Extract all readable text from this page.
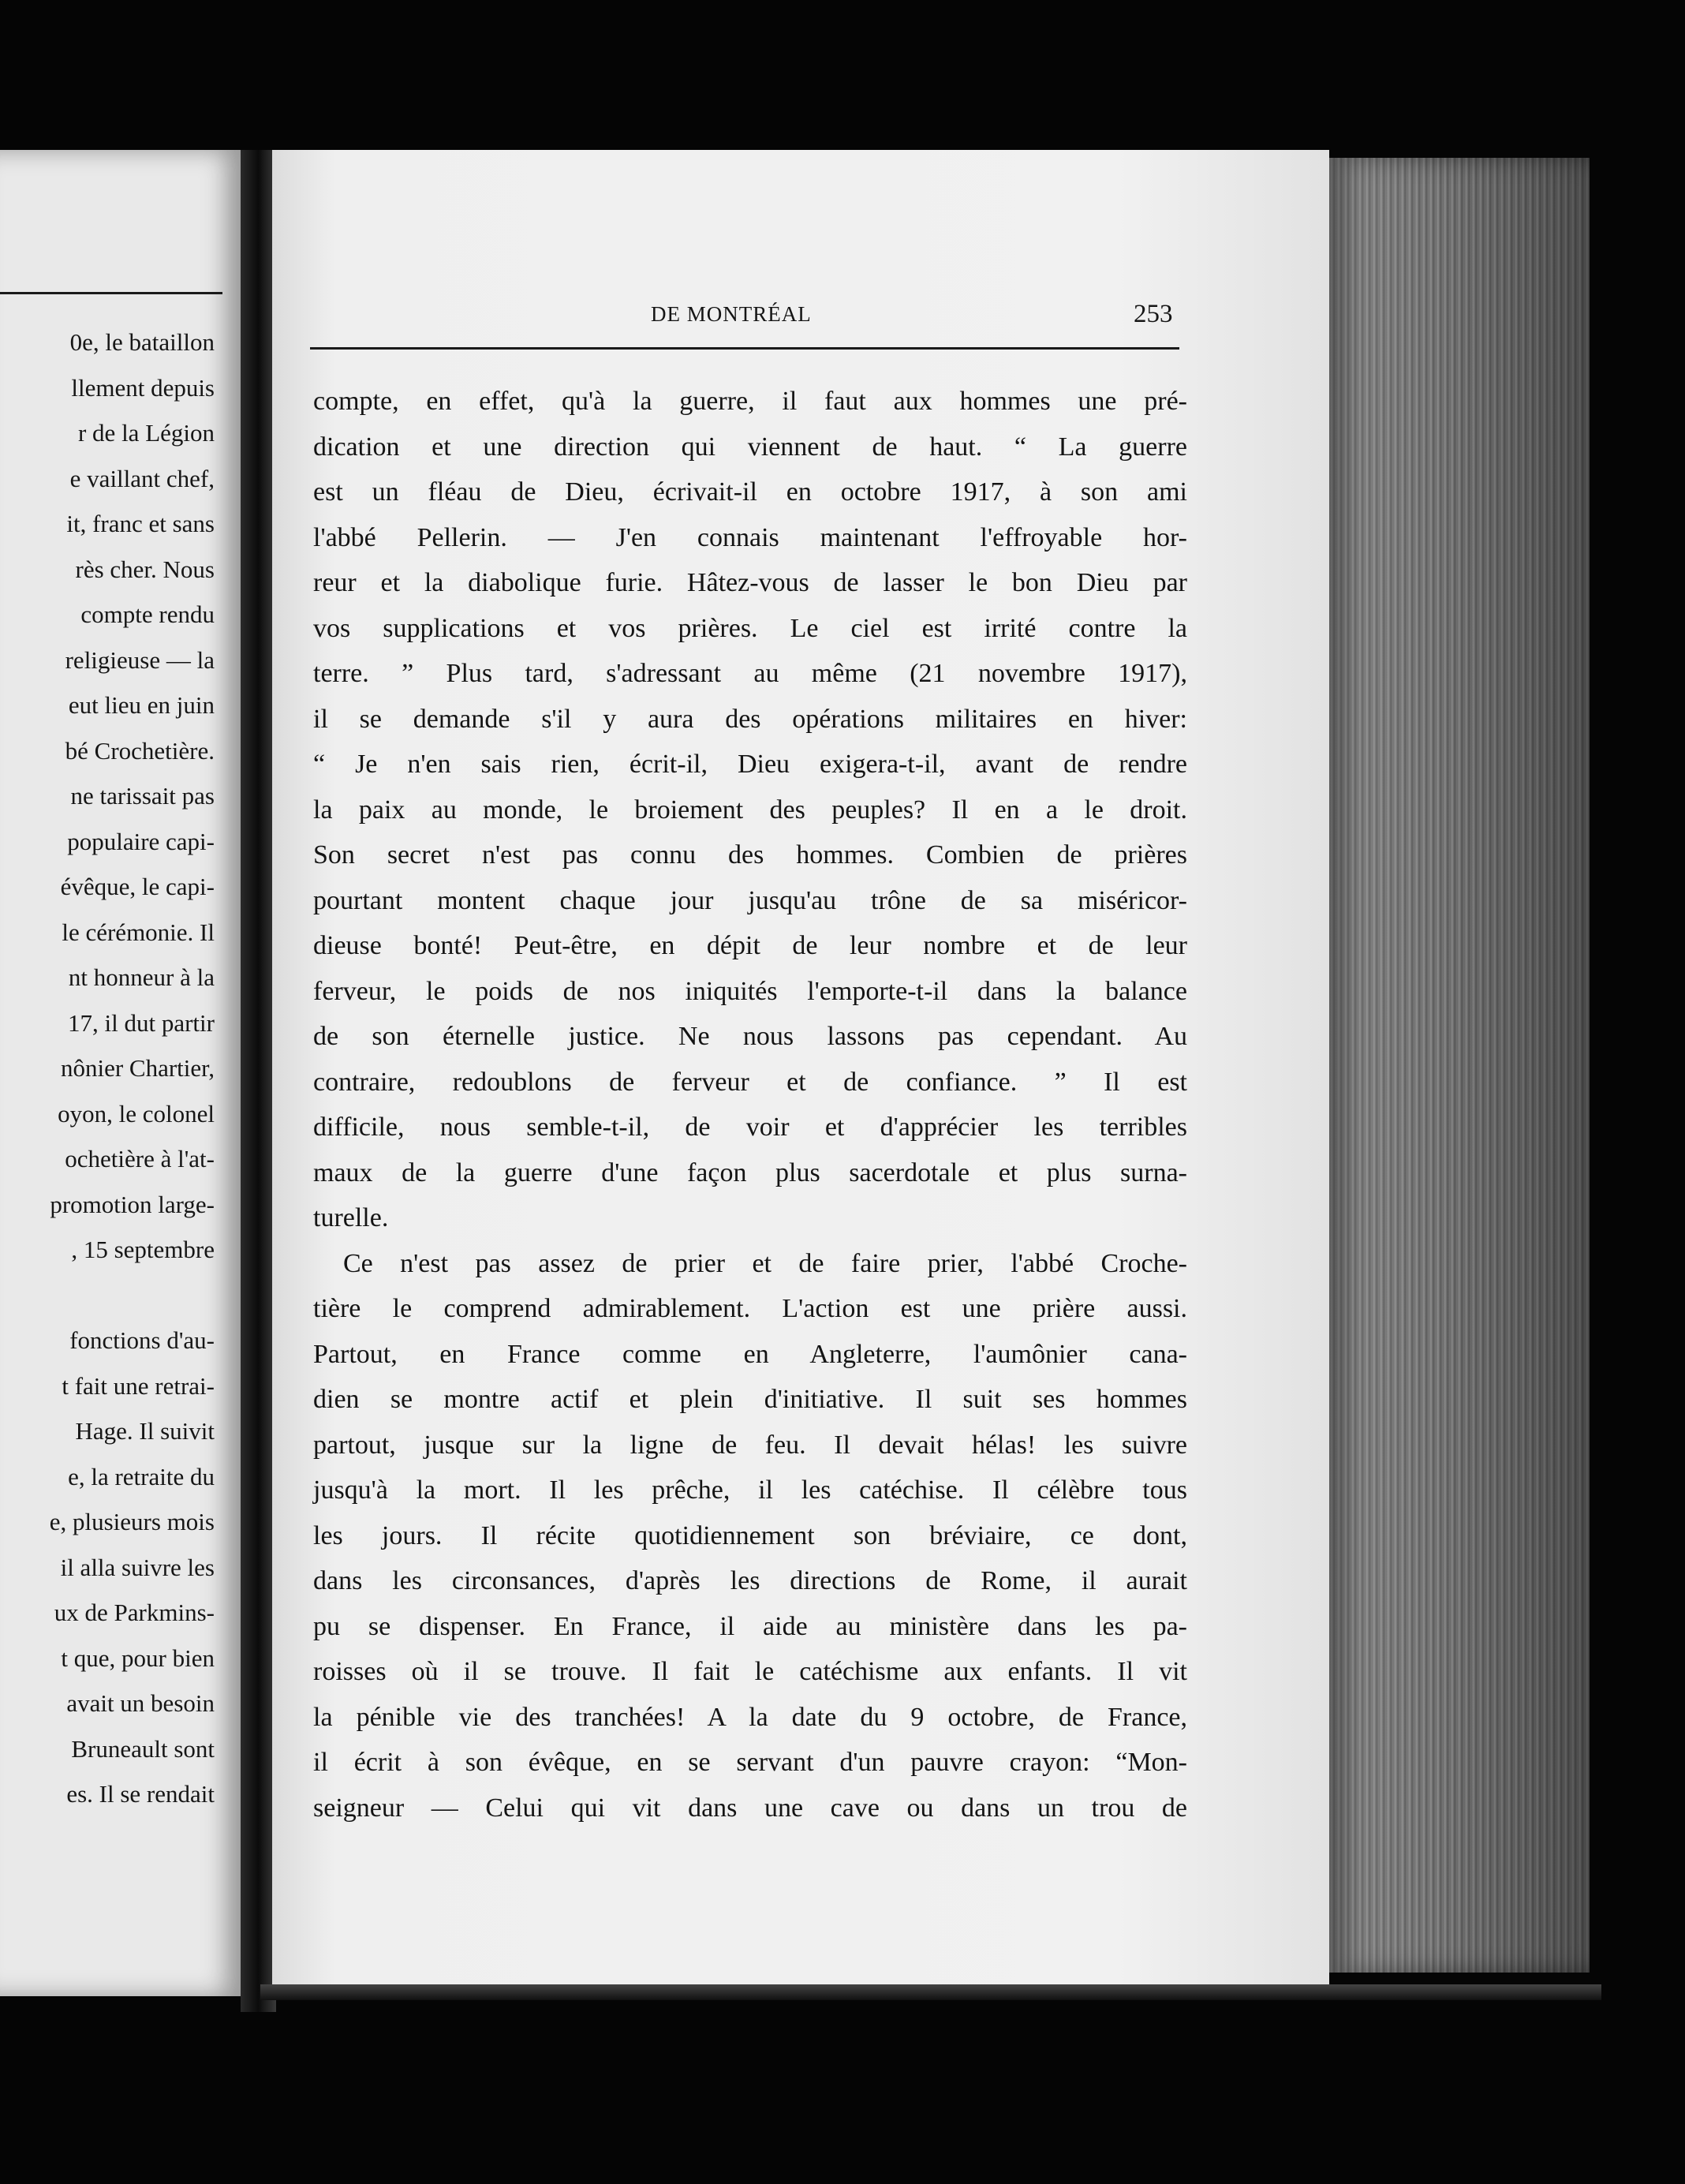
0e, le bataillon
llement depuis
r de la Légion
e vaillant chef,
it, franc et sans
rès cher. Nous
compte rendu
religieuse — la
eut lieu en juin
bé Crochetière.
ne tarissait pas
populaire capi-
évêque, le capi-
le cérémonie. Il
nt honneur à la
17, il dut partir
nônier Chartier,
oyon, le colonel
ochetière à l'at-
promotion large-
, 15 septembre
fonctions d'au-
t fait une retrai-
Hage. Il suivit
e, la retraite du
e, plusieurs mois
il alla suivre les
ux de Parkmins-
t que, pour bien
avait un besoin
Bruneault sont
es. Il se rendait
DE MONTRÉAL	253
compte, en effet, qu'à la guerre, il faut aux hommes une pré-
dication et une direction qui viennent de haut. “ La guerre
est un fléau de Dieu, écrivait-il en octobre 1917, à son ami
l'abbé Pellerin. — J'en connais maintenant l'effroyable hor-
reur et la diabolique furie. Hâtez-vous de lasser le bon Dieu par
vos supplications et vos prières. Le ciel est irrité contre la
terre. ” Plus tard, s'adressant au même (21 novembre 1917),
il se demande s'il y aura des opérations militaires en hiver:
“ Je n'en sais rien, écrit-il, Dieu exigera-t-il, avant de rendre
la paix au monde, le broiement des peuples? Il en a le droit.
Son secret n'est pas connu des hommes. Combien de prières
pourtant montent chaque jour jusqu'au trône de sa miséricor-
dieuse bonté! Peut-être, en dépit de leur nombre et de leur
ferveur, le poids de nos iniquités l'emporte-t-il dans la balance
de son éternelle justice. Ne nous lassons pas cependant. Au
contraire, redoublons de ferveur et de confiance. ” Il est
difficile, nous semble-t-il, de voir et d'apprécier les terribles
maux de la guerre d'une façon plus sacerdotale et plus surna-
turelle.
Ce n'est pas assez de prier et de faire prier, l'abbé Croche-
tière le comprend admirablement. L'action est une prière aussi.
Partout, en France comme en Angleterre, l'aumônier cana-
dien se montre actif et plein d'initiative. Il suit ses hommes
partout, jusque sur la ligne de feu. Il devait hélas! les suivre
jusqu'à la mort. Il les prêche, il les catéchise. Il célèbre tous
les jours. Il récite quotidiennement son bréviaire, ce dont,
dans les circonsances, d'après les directions de Rome, il aurait
pu se dispenser. En France, il aide au ministère dans les pa-
roisses où il se trouve. Il fait le catéchisme aux enfants. Il vit
la pénible vie des tranchées! A la date du 9 octobre, de France,
il écrit à son évêque, en se servant d'un pauvre crayon: “Mon-
seigneur — Celui qui vit dans une cave ou dans un trou de
